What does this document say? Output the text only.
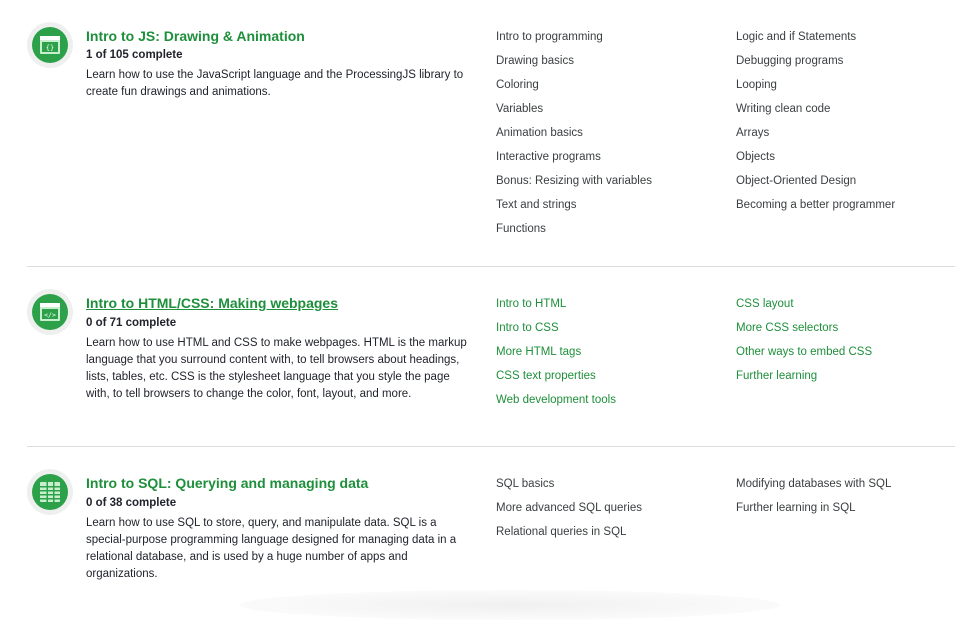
{}
Intro to JS: Drawing & Animation
1 of 105 complete
Learn how to use the JavaScript language and the ProcessingJS library to create fun drawings and animations.
Intro to programming
Drawing basics
Coloring
Variables
Animation basics
Interactive programs
Bonus: Resizing with variables
Text and strings
Functions
Logic and if Statements
Debugging programs
Looping
Writing clean code
Arrays
Objects
Object-Oriented Design
Becoming a better programmer
</>
Intro to HTML/CSS: Making webpages
0 of 71 complete
Learn how to use HTML and CSS to make webpages. HTML is the markup language that you surround content with, to tell browsers about headings, lists, tables, etc. CSS is the stylesheet language that you style the page with, to tell browsers to change the color, font, layout, and more.
Intro to HTML
Intro to CSS
More HTML tags
CSS text properties
Web development tools
CSS layout
More CSS selectors
Other ways to embed CSS
Further learning
Intro to SQL: Querying and managing data
0 of 38 complete
Learn how to use SQL to store, query, and manipulate data. SQL is a special-purpose programming language designed for managing data in a relational database, and is used by a huge number of apps and organizations.
SQL basics
More advanced SQL queries
Relational queries in SQL
Modifying databases with SQL
Further learning in SQL
